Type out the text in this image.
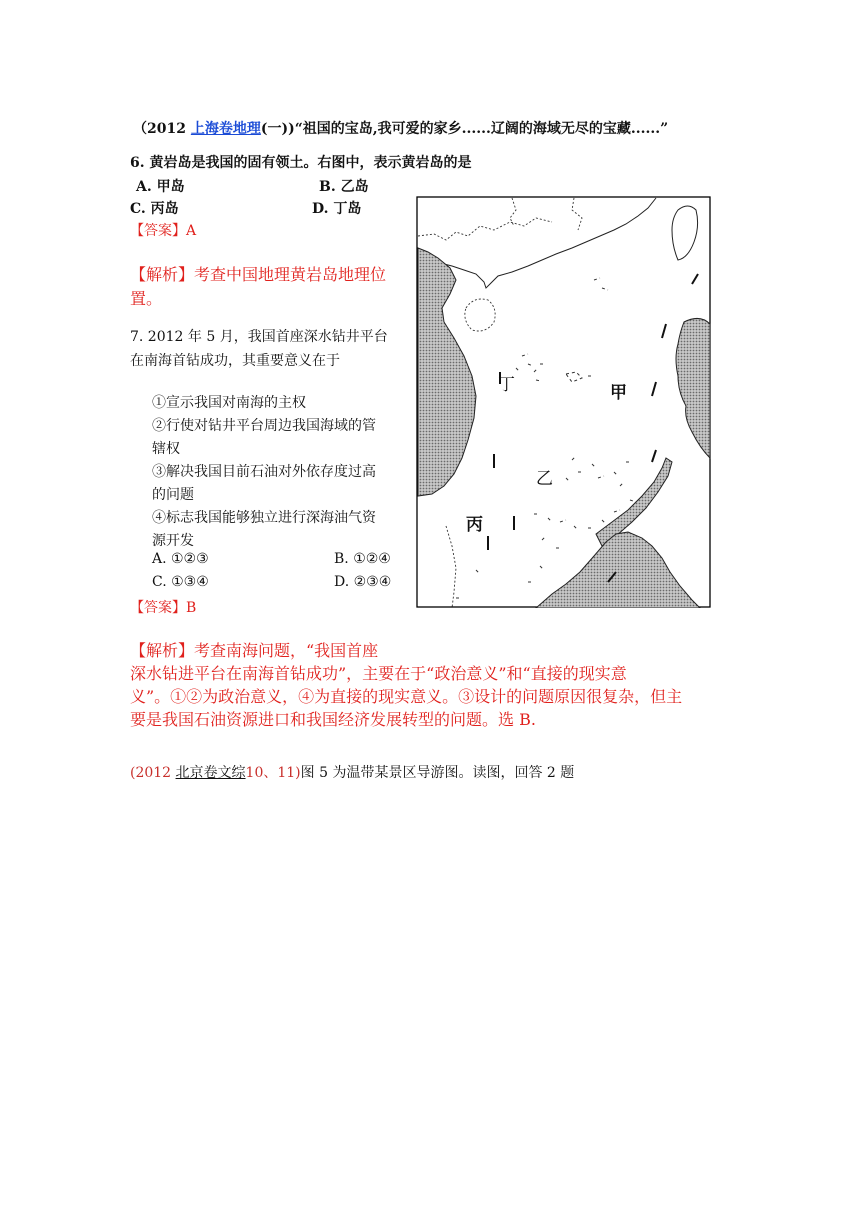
（2012 上海卷地理(一))“祖国的宝岛,我可爱的家乡......辽阔的海域无尽的宝藏......”
6. 黄岩岛是我国的固有领土。右图中，表示黄岩岛的是
A. 甲岛	B. 乙岛
C. 丙岛	D. 丁岛
【答案】A
【解析】考查中国地理黄岩岛地理位
置。
7. 2012 年 5 月，我国首座深水钻井平台
在南海首钻成功，其重要意义在于
①宣示我国对南海的主权
②行使对钻井平台周边我国海域的管
辖权
③解决我国目前石油对外依存度过高
的问题
④标志我国能够独立进行深海油气资
源开发
A. ①②③	B. ①②④
C. ①③④	D. ②③④
【答案】B
【解析】考查南海问题，“我国首座
深水钻进平台在南海首钻成功”，主要在于“政治意义”和“直接的现实意
义”。①②为政治意义，④为直接的现实意义。③设计的问题原因很复杂，但主
要是我国石油资源进口和我国经济发展转型的问题。选 B.
(2012 北京卷文综10、11)图 5 为温带某景区导游图。读图，回答 2 题
丁	甲
乙
丙
